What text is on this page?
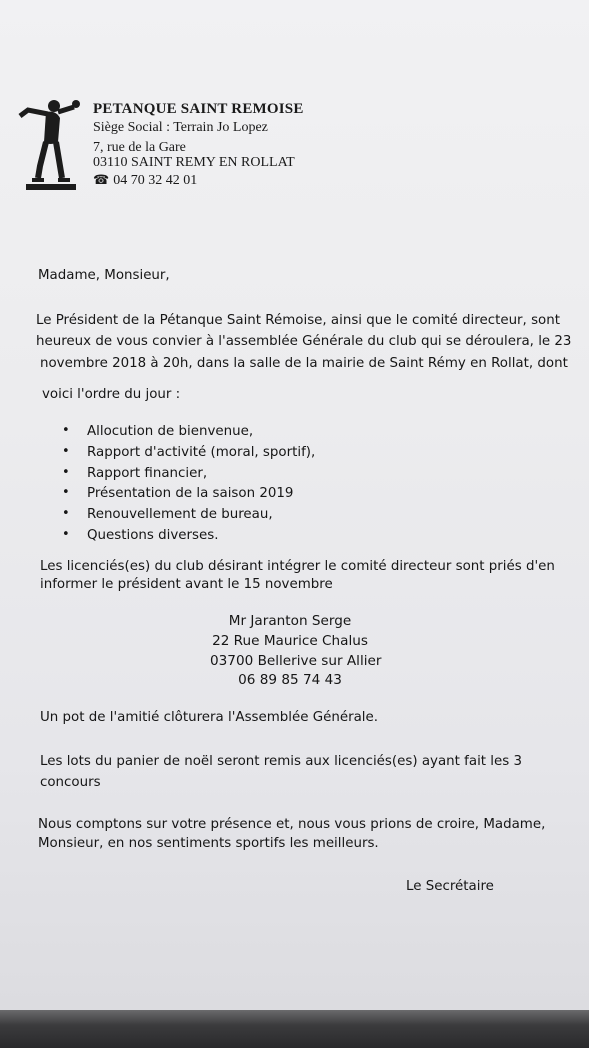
PETANQUE SAINT REMOISE
Siège Social : Terrain Jo Lopez
7, rue de la Gare
03110 SAINT REMY EN ROLLAT
☎ 04 70 32 42 01
Madame, Monsieur,
Le Président de la Pétanque Saint Rémoise, ainsi que le comité directeur, sont
heureux de vous convier à l'assemblée Générale du club qui se déroulera, le 23
novembre 2018 à 20h, dans la salle de la mairie de Saint Rémy en Rollat, dont
voici l'ordre du jour :
• Allocution de bienvenue,
• Rapport d'activité (moral, sportif),
• Rapport financier,
• Présentation de la saison 2019
• Renouvellement de bureau,
• Questions diverses.
Les licenciés(es) du club désirant intégrer le comité directeur sont priés d'en
informer le président avant le 15 novembre
Mr Jaranton Serge
22 Rue Maurice Chalus
03700 Bellerive sur Allier
06 89 85 74 43
Un pot de l'amitié clôturera l'Assemblée Générale.
Les lots du panier de noël seront remis aux licenciés(es) ayant fait les 3
concours
Nous comptons sur votre présence et, nous vous prions de croire, Madame,
Monsieur, en nos sentiments sportifs les meilleurs.
Le Secrétaire
